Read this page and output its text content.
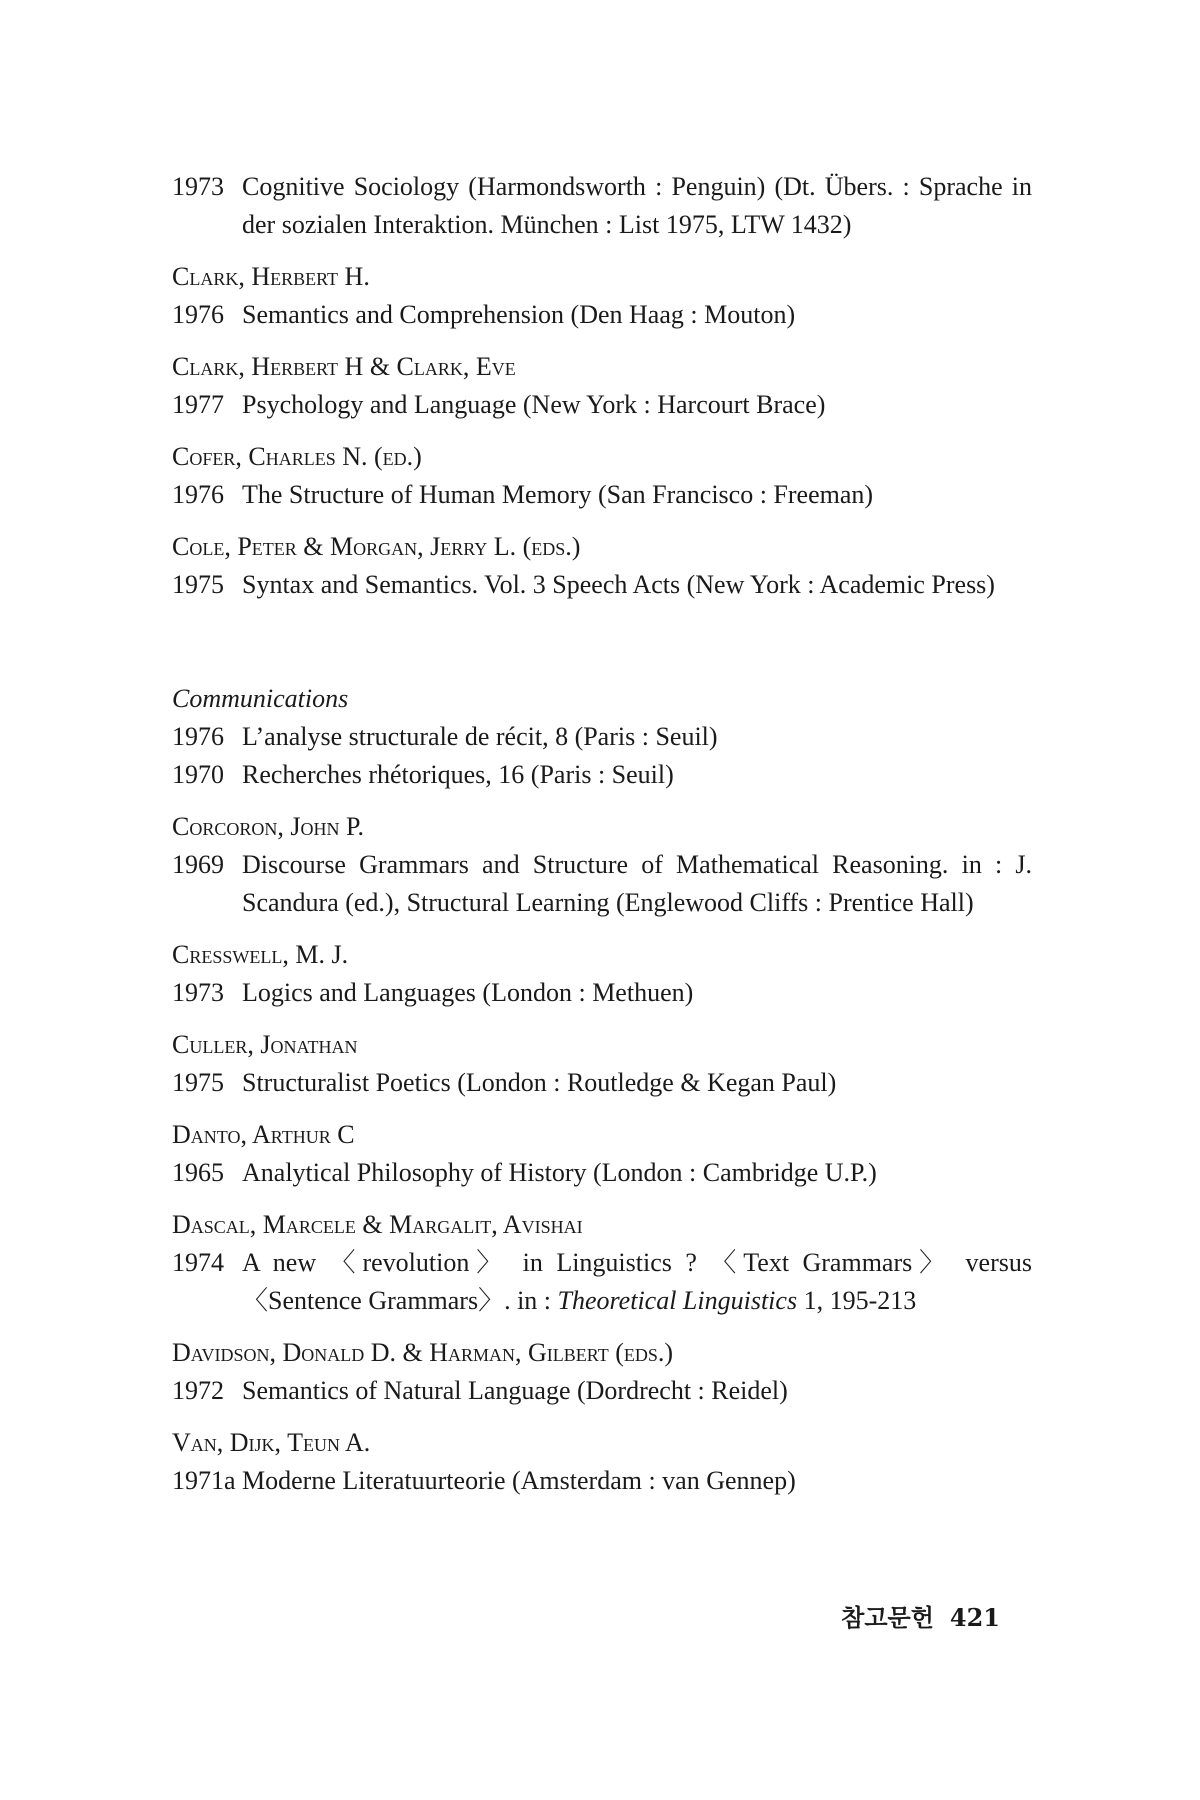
1973 Cognitive Sociology (Harmondsworth : Penguin) (Dt. Übers. : Sprache in der sozialen Interaktion. München : List 1975, LTW 1432)
Clark, Herbert H.
1976 Semantics and Comprehension (Den Haag : Mouton)
Clark, Herbert H & Clark, Eve
1977 Psychology and Language (New York : Harcourt Brace)
Cofer, Charles N. (ed.)
1976 The Structure of Human Memory (San Francisco : Freeman)
Cole, Peter & Morgan, Jerry L. (eds.)
1975 Syntax and Semantics. Vol. 3 Speech Acts (New York : Academic Press)
Communications
1976 L’analyse structurale de récit, 8 (Paris : Seuil)
1970 Recherches rhétoriques, 16 (Paris : Seuil)
Corcoron, John P.
1969 Discourse Grammars and Structure of Mathematical Reasoning. in : J. Scandura (ed.), Structural Learning (Englewood Cliffs : Prentice Hall)
Cresswell, M. J.
1973 Logics and Languages (London : Methuen)
Culler, Jonathan
1975 Structuralist Poetics (London : Routledge & Kegan Paul)
Danto, Arthur C
1965 Analytical Philosophy of History (London : Cambridge U.P.)
Dascal, Marcele & Margalit, Avishai
1974 A new 〈revolution〉 in Linguistics ? 〈Text Grammars〉 versus 〈Sentence Grammars〉. in : Theoretical Linguistics 1, 195-213
Davidson, Donald D. & Harman, Gilbert (eds.)
1972 Semantics of Natural Language (Dordrecht : Reidel)
Van, Dijk, Teun A.
1971a Moderne Literatuurteorie (Amsterdam : van Gennep)
참고문헌 421
